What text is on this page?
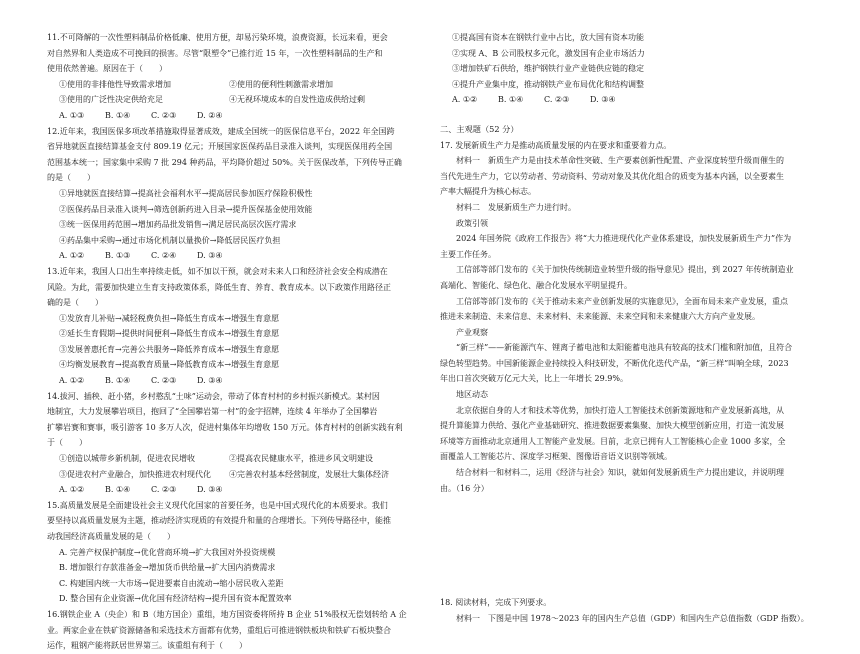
11.不可降解的一次性塑料制品价格低廉、使用方便，却易污染环境，浪费资源，长远来看，更会

对自然界和人类造成不可挽回的损害。尽管“限塑令”已推行近 15 年，一次性塑料制品的生产和

使用依然普遍。原因在于（　　）

①使用的非排他性导致需求增加	②使用的便利性刺激需求增加
③使用的广泛性决定供给充足	④无视环境成本的自发性造成供给过剩
A. ①③	B. ①④	C. ②③	D. ②④

12.近年来，我国医保多项改革措施取得显著成效，建成全国统一的医保信息平台，2022 年全国跨

省异地就医直接结算基金支付 809.19 亿元；开展国家医保药品目录准入谈判，实现医保用药全国

范围基本统一；国家集中采购 7 批 294 种药品，平均降价超过 50%。关于医保改革，下列传导正确

的是（　　）

①异地就医直接结算→提高社会福利水平→提高居民参加医疗保险积极性

②医保药品目录准入谈判→筛选创新药进入目录→提升医保基金使用效能

③统一医保用药范围→增加药品批发销售→满足居民高层次医疗需求

④药品集中采购→通过市场化机制以量换价→降低居民医疗负担

A. ①②	B. ①③	C. ②④	D. ③④

13.近年来，我国人口出生率持续走低，如不加以干预，就会对未来人口和经济社会安全构成潜在

风险。为此，需要加快建立生育支持政策体系，降低生育、养育、教育成本。以下政策作用路径正

确的是（　　）

①发放育儿补贴→减轻税费负担→降低生育成本→增强生育意愿

②延长生育假期→提供时间便利→降低生育成本→增强生育意愿

③发展普惠托育→完善公共服务→降低养育成本→增强生育意愿

④均衡发展教育→提高教育质量→降低教育成本→增强生育意愿

A. ①②	B. ①④	C. ②③	D. ③④

14.拔河、插秧、赶小猪，乡村憨乱“土味”运动会，带动了体育村村的乡村振兴新模式。某村因

地制宜，大力发展攀岩项目，抱回了“全国攀岩第一村”的金字招牌，连续 4 年举办了全国攀岩

扩攀岩赛和赛事，吸引游客 10 多万人次，促进村集体年均增收 150 万元。体育村村的创新实践有利

于（　　）

①创造以城带乡新机制，促进农民增收	②提高农民健康水平，推进乡风文明建设
③促进农村产业融合，加快推进农村现代化	④完善农村基本经营制度，发展壮大集体经济
A. ①②	B. ①④	C. ②③	D. ③④

15.高质量发展是全面建设社会主义现代化国家的首要任务，也是中国式现代化的本质要求。我们

要坚持以高质量发展为主题，推动经济实现质的有效提升和量的合理增长。下列传导路径中，能推

动我国经济高质量发展的是（　　）

A. 完善产权保护制度→优化营商环境→扩大我国对外投资规模

B. 增加银行存款准备金→增加货币供给量→扩大国内消费需求

C. 构建国内统一大市场→促进要素自由流动→缩小居民收入差距

D. 整合国有企业资源→优化国有经济结构→提升国有资本配置效率

16.钢铁企业 A（央企）和 B（地方国企）重组，地方国资委将所持 B 企业 51%股权无偿划转给 A 企

业。两家企业在铁矿资源储备和采选技术方面都有优势，重组后可推进钢铁板块和铁矿石板块整合

运作，粗钢产能将跃居世界第三。该重组有利于（　　）

①提高国有资本在钢铁行业中占比，放大国有资本功能

②实现 A、B 公司股权多元化，激发国有企业市场活力

③增加铁矿石供给，维护钢铁行业产业链供应链的稳定

④提升产业集中度，推动钢铁产业布局优化和结构调整

A. ①②	B. ①④	C. ②③	D. ③④

二、主观题（52 分）

17. 发展新质生产力是推动高质量发展的内在要求和重要着力点。

材料一　新质生产力是由技术革命性突破、生产要素创新性配置、产业深度转型升级而催生的

当代先进生产力，它以劳动者、劳动资料、劳动对象及其优化组合的质变为基本内涵，以全要素生

产率大幅提升为核心标志。

材料二　发展新质生产力进行时。

政策引领

2024 年国务院《政府工作报告》将“大力推进现代化产业体系建设，加快发展新质生产力”作为

主要工作任务。

工信部等部门发布的《关于加快传统制造业转型升级的指导意见》提出，到 2027 年传统制造业

高端化、智能化、绿色化、融合化发展水平明显提升。

工信部等部门发布的《关于推动未来产业创新发展的实施意见》，全面布局未来产业发展，重点

推进未来制造、未来信息、未来材料、未来能源、未来空间和未来健康六大方向产业发展。

产业观察

“新三样”——新能源汽车、锂离子蓄电池和太阳能蓄电池具有较高的技术门槛和附加值，且符合

绿色转型趋势。中国新能源企业持续投入科技研发，不断优化迭代产品，“新三样”叫响全球，2023

年出口首次突破万亿元大关，比上一年增长 29.9%。

地区动态

北京依据自身的人才和技术等优势，加快打造人工智能技术创新策源地和产业发展新高地，从

提升算能算力供给、强化产业基础研究、推进数据要素集聚、加快大模型创新应用，打造一流发展

环境等方面推动北京通用人工智能产业发展。目前，北京已拥有人工智能核心企业 1000 多家，全

面覆盖人工智能芯片、深度学习框架、图像语音语义识别等领域。

结合材料一和材料二，运用《经济与社会》知识，就如何发展新质生产力提出建议，并说明理

由。（16 分）

18. 阅读材料，完成下列要求。

材料一　下图是中国 1978～2023 年的国内生产总值（GDP）和国内生产总值指数（GDP 指数）。
